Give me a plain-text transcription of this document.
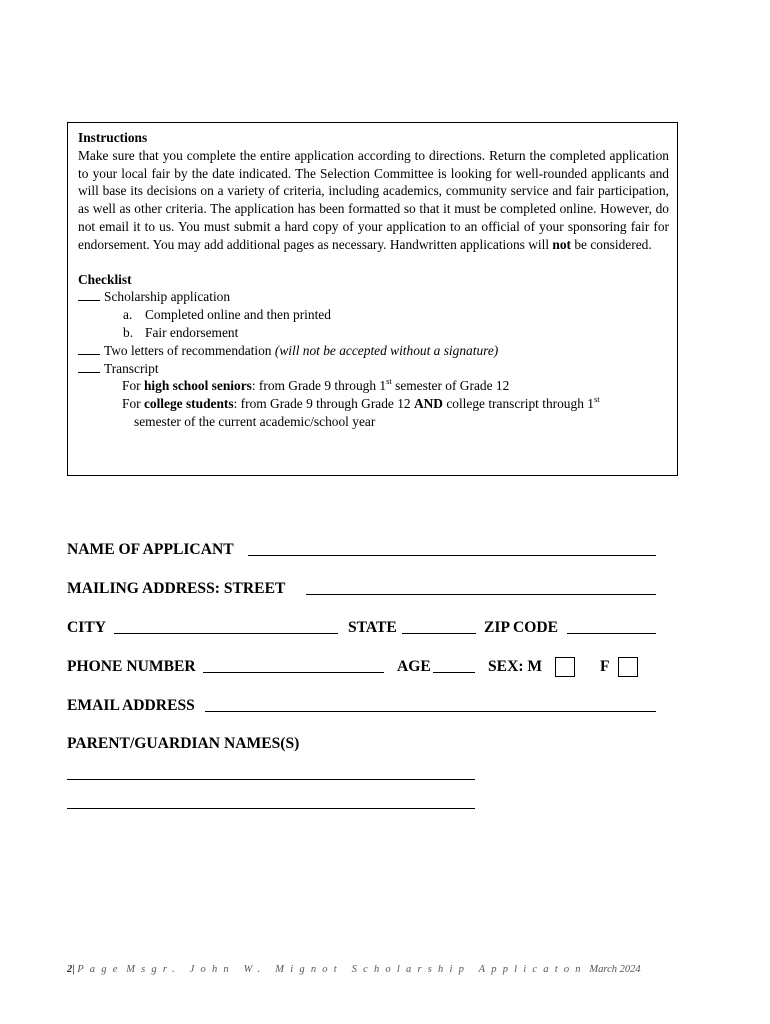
Instructions
Make sure that you complete the entire application according to directions. Return the completed application to your local fair by the date indicated. The Selection Committee is looking for well-rounded applicants and will base its decisions on a variety of criteria, including academics, community service and fair participation, as well as other criteria. The application has been formatted so that it must be completed online. However, do not email it to us. You must submit a hard copy of your application to an official of your sponsoring fair for endorsement. You may add additional pages as necessary. Handwritten applications will not be considered.
Checklist
Scholarship application
a. Completed online and then printed
b. Fair endorsement
Two letters of recommendation (will not be accepted without a signature)
Transcript
For high school seniors: from Grade 9 through 1st semester of Grade 12
For college students: from Grade 9 through Grade 12 AND college transcript through 1st
semester of the current academic/school year
NAME OF APPLICANT
MAILING ADDRESS: STREET
CITY	STATE	ZIP CODE
PHONE NUMBER	AGE	SEX: M	F
EMAIL ADDRESS
PARENT/GUARDIAN NAMES(S)
2| Page Msgr. John W. Mignot Scholarship Applicaton March 2024
